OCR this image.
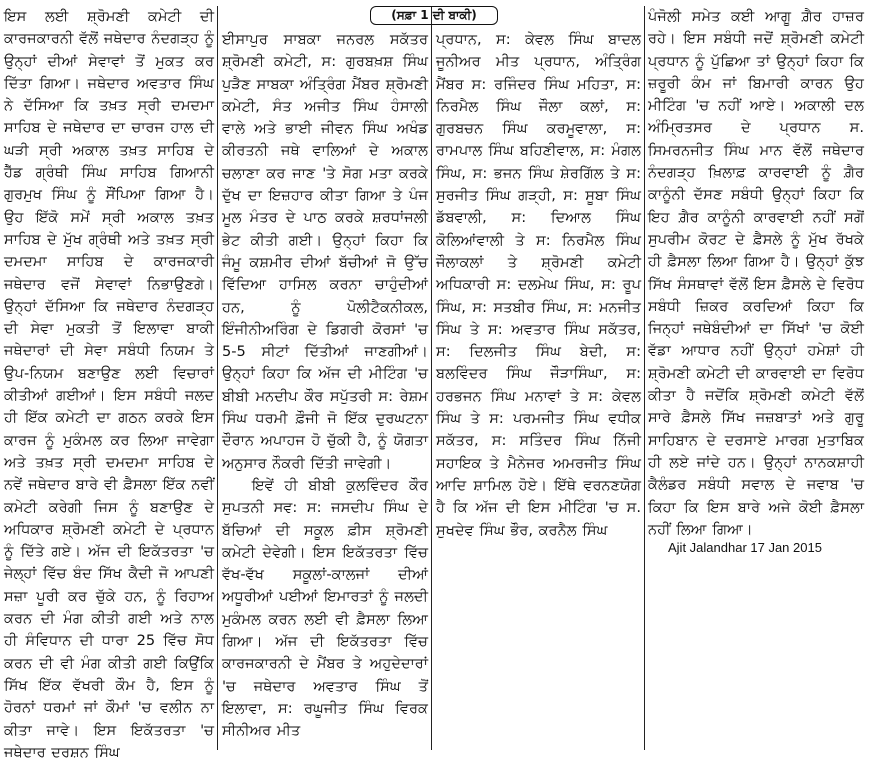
(ਸਫ਼ਾ 1 ਦੀ ਬਾਕੀ)

ਇਸ ਲਈ ਸ਼੍ਰੋਮਣੀ ਕਮੇਟੀ ਦੀ ਕਾਰਜਕਾਰਨੀ ਵੱਲੋਂ ਜਥੇਦਾਰ ਨੰਦਗੜ੍ਹ ਨੂੰ ਉਨ੍ਹਾਂ ਦੀਆਂ ਸੇਵਾਵਾਂ ਤੋਂ ਮੁਕਤ ਕਰ ਦਿੱਤਾ ਗਿਆ। ਜਥੇਦਾਰ ਅਵਤਾਰ ਸਿੰਘ ਨੇ ਦੱਸਿਆ ਕਿ ਤਖ਼ਤ ਸ੍ਰੀ ਦਮਦਮਾ ਸਾਹਿਬ ਦੇ ਜਥੇਦਾਰ ਦਾ ਚਾਰਜ ਹਾਲ ਦੀ ਘੜੀ ਸ੍ਰੀ ਅਕਾਲ ਤਖ਼ਤ ਸਾਹਿਬ ਦੇ ਹੈੱਡ ਗ੍ਰੰਥੀ ਸਿੰਘ ਸਾਹਿਬ ਗਿਆਨੀ ਗੁਰਮੁਖ ਸਿੰਘ ਨੂੰ ਸੌਂਪਿਆ ਗਿਆ ਹੈ। ਉਹ ਇੱਕੋ ਸਮੇਂ ਸ੍ਰੀ ਅਕਾਲ ਤਖ਼ਤ ਸਾਹਿਬ ਦੇ ਮੁੱਖ ਗ੍ਰੰਥੀ ਅਤੇ ਤਖ਼ਤ ਸ੍ਰੀ ਦਮਦਮਾ ਸਾਹਿਬ ਦੇ ਕਾਰਜਕਾਰੀ ਜਥੇਦਾਰ ਵਜੋਂ ਸੇਵਾਵਾਂ ਨਿਭਾਉਣਗੇ। ਉਨ੍ਹਾਂ ਦੱਸਿਆ ਕਿ ਜਥੇਦਾਰ ਨੰਦਗੜ੍ਹ ਦੀ ਸੇਵਾ ਮੁਕਤੀ ਤੋਂ ਇਲਾਵਾ ਬਾਕੀ ਜਥੇਦਾਰਾਂ ਦੀ ਸੇਵਾ ਸਬੰਧੀ ਨਿਯਮ ਤੇ ਉਪ-ਨਿਯਮ ਬਣਾਉਣ ਲਈ ਵਿਚਾਰਾਂ ਕੀਤੀਆਂ ਗਈਆਂ। ਇਸ ਸਬੰਧੀ ਜਲਦ ਹੀ ਇੱਕ ਕਮੇਟੀ ਦਾ ਗਠਨ ਕਰਕੇ ਇਸ ਕਾਰਜ ਨੂੰ ਮੁਕੰਮਲ ਕਰ ਲਿਆ ਜਾਵੇਗਾ ਅਤੇ ਤਖ਼ਤ ਸ੍ਰੀ ਦਮਦਮਾ ਸਾਹਿਬ ਦੇ ਨਵੇਂ ਜਥੇਦਾਰ ਬਾਰੇ ਵੀ ਫ਼ੈਸਲਾ ਇੱਕ ਨਵੀਂ ਕਮੇਟੀ ਕਰੇਗੀ ਜਿਸ ਨੂੰ ਬਣਾਉਣ ਦੇ ਅਧਿਕਾਰ ਸ਼੍ਰੋਮਣੀ ਕਮੇਟੀ ਦੇ ਪ੍ਰਧਾਨ ਨੂੰ ਦਿੱਤੇ ਗਏ। ਅੱਜ ਦੀ ਇਕੱਤਰਤਾ 'ਚ ਜੇਲ੍ਹਾਂ ਵਿੱਚ ਬੰਦ ਸਿੱਖ ਕੈਦੀ ਜੋ ਆਪਣੀ ਸਜ਼ਾ ਪੂਰੀ ਕਰ ਚੁੱਕੇ ਹਨ, ਨੂੰ ਰਿਹਾਅ ਕਰਨ ਦੀ ਮੰਗ ਕੀਤੀ ਗਈ ਅਤੇ ਨਾਲ ਹੀ ਸੰਵਿਧਾਨ ਦੀ ਧਾਰਾ 25 ਵਿੱਚ ਸੋਧ ਕਰਨ ਦੀ ਵੀ ਮੰਗ ਕੀਤੀ ਗਈ ਕਿਉਂਕਿ ਸਿੱਖ ਇੱਕ ਵੱਖਰੀ ਕੌਮ ਹੈ, ਇਸ ਨੂੰ ਹੋਰਨਾਂ ਧਰਮਾਂ ਜਾਂ ਕੌਮਾਂ 'ਚ ਵਲੀਨ ਨਾ ਕੀਤਾ ਜਾਵੇ। ਇਸ ਇਕੱਤਰਤਾ 'ਚ ਜਥੇਦਾਰ ਦਰਸ਼ਨ ਸਿੰਘ

ਈਸਾਪੁਰ ਸਾਬਕਾ ਜਨਰਲ ਸਕੱਤਰ ਸ਼੍ਰੋਮਣੀ ਕਮੇਟੀ, ਸ: ਗੁਰਬਖ਼ਸ਼ ਸਿੰਘ ਪੁੜੈਣ ਸਾਬਕਾ ਅੰਤ੍ਰਿੰਗ ਮੈਂਬਰ ਸ਼੍ਰੋਮਣੀ ਕਮੇਟੀ, ਸੰਤ ਅਜੀਤ ਸਿੰਘ ਹੰਸਾਲੀ ਵਾਲੇ ਅਤੇ ਭਾਈ ਜੀਵਨ ਸਿੰਘ ਅਖੰਡ ਕੀਰਤਨੀ ਜਥੇ ਵਾਲਿਆਂ ਦੇ ਅਕਾਲ ਚਲਾਣਾ ਕਰ ਜਾਣ 'ਤੇ ਸੋਗ ਮਤਾ ਕਰਕੇ ਦੁੱਖ ਦਾ ਇਜ਼ਹਾਰ ਕੀਤਾ ਗਿਆ ਤੇ ਪੰਜ ਮੂਲ ਮੰਤਰ ਦੇ ਪਾਠ ਕਰਕੇ ਸ਼ਰਧਾਂਜਲੀ ਭੇਟ ਕੀਤੀ ਗਈ। ਉਨ੍ਹਾਂ ਕਿਹਾ ਕਿ ਜੰਮੂ ਕਸ਼ਮੀਰ ਦੀਆਂ ਬੱਚੀਆਂ ਜੋ ਉੱਚ ਵਿੱਦਿਆ ਹਾਸਿਲ ਕਰਨਾ ਚਾਹੁੰਦੀਆਂ ਹਨ, ਨੂੰ ਪੋਲੀਟੈਕਨੀਕਲ, ਇੰਜੀਨੀਅਰਿੰਗ ਦੇ ਡਿਗਰੀ ਕੋਰਸਾਂ 'ਚ 5-5 ਸੀਟਾਂ ਦਿੱਤੀਆਂ ਜਾਣਗੀਆਂ। ਉਨ੍ਹਾਂ ਕਿਹਾ ਕਿ ਅੱਜ ਦੀ ਮੀਟਿੰਗ 'ਚ ਬੀਬੀ ਮਨਦੀਪ ਕੌਰ ਸਪੁੱਤਰੀ ਸ: ਰੇਸ਼ਮ ਸਿੰਘ ਧਰਮੀ ਫ਼ੌਜੀ ਜੋ ਇੱਕ ਦੁਰਘਟਨਾ ਦੌਰਾਨ ਅਪਾਹਜ ਹੋ ਚੁੱਕੀ ਹੈ, ਨੂੰ ਯੋਗਤਾ ਅਨੁਸਾਰ ਨੌਕਰੀ ਦਿੱਤੀ ਜਾਵੇਗੀ।

ਇਵੇਂ ਹੀ ਬੀਬੀ ਕੁਲਵਿੰਦਰ ਕੌਰ ਸੁਪਤਨੀ ਸਵ: ਸ: ਜਸਦੀਪ ਸਿੰਘ ਦੇ ਬੱਚਿਆਂ ਦੀ ਸਕੂਲ ਫ਼ੀਸ ਸ਼੍ਰੋਮਣੀ ਕਮੇਟੀ ਦੇਵੇਗੀ। ਇਸ ਇਕੱਤਰਤਾ ਵਿੱਚ ਵੱਖ-ਵੱਖ ਸਕੂਲਾਂ-ਕਾਲਜਾਂ ਦੀਆਂ ਅਧੂਰੀਆਂ ਪਈਆਂ ਇਮਾਰਤਾਂ ਨੂੰ ਜਲਦੀ ਮੁਕੰਮਲ ਕਰਨ ਲਈ ਵੀ ਫ਼ੈਸਲਾ ਲਿਆ ਗਿਆ। ਅੱਜ ਦੀ ਇਕੱਤਰਤਾ ਵਿੱਚ ਕਾਰਜਕਾਰਨੀ ਦੇ ਮੈਂਬਰ ਤੇ ਅਹੁਦੇਦਾਰਾਂ 'ਚ ਜਥੇਦਾਰ ਅਵਤਾਰ ਸਿੰਘ ਤੋਂ ਇਲਾਵਾ, ਸ: ਰਘੂਜੀਤ ਸਿੰਘ ਵਿਰਕ ਸੀਨੀਅਰ ਮੀਤ

ਪ੍ਰਧਾਨ, ਸ: ਕੇਵਲ ਸਿੰਘ ਬਾਦਲ ਜੂਨੀਅਰ ਮੀਤ ਪ੍ਰਧਾਨ, ਅੰਤ੍ਰਿੰਗ ਮੈਂਬਰ ਸ: ਰਜਿੰਦਰ ਸਿੰਘ ਮਹਿਤਾ, ਸ: ਨਿਰਮੈਲ ਸਿੰਘ ਜੌਲਾ ਕਲਾਂ, ਸ: ਗੁਰਬਚਨ ਸਿੰਘ ਕਰਮੂਵਾਲਾ, ਸ: ਰਾਮਪਾਲ ਸਿੰਘ ਬਹਿਣੀਵਾਲ, ਸ: ਮੰਗਲ ਸਿੰਘ, ਸ: ਭਜਨ ਸਿੰਘ ਸ਼ੇਰਗਿੱਲ ਤੇ ਸ: ਸੁਰਜੀਤ ਸਿੰਘ ਗੜ੍ਹੀ, ਸ: ਸੂਬਾ ਸਿੰਘ ਡੱਬਵਾਲੀ, ਸ: ਦਿਆਲ ਸਿੰਘ ਕੋਲਿਆਂਵਾਲੀ ਤੇ ਸ: ਨਿਰਮੈਲ ਸਿੰਘ ਜੌਲਾਕਲਾਂ ਤੇ ਸ਼੍ਰੋਮਣੀ ਕਮੇਟੀ ਅਧਿਕਾਰੀ ਸ: ਦਲਮੇਘ ਸਿੰਘ, ਸ: ਰੂਪ ਸਿੰਘ, ਸ: ਸਤਬੀਰ ਸਿੰਘ, ਸ: ਮਨਜੀਤ ਸਿੰਘ ਤੇ ਸ: ਅਵਤਾਰ ਸਿੰਘ ਸਕੱਤਰ, ਸ: ਦਿਲਜੀਤ ਸਿੰਘ ਬੇਦੀ, ਸ: ਬਲਵਿੰਦਰ ਸਿੰਘ ਜੌੜਾਸਿੰਘਾ, ਸ: ਹਰਭਜਨ ਸਿੰਘ ਮਨਾਵਾਂ ਤੇ ਸ: ਕੇਵਲ ਸਿੰਘ ਤੇ ਸ: ਪਰਮਜੀਤ ਸਿੰਘ ਵਧੀਕ ਸਕੱਤਰ, ਸ: ਸਤਿੰਦਰ ਸਿੰਘ ਨਿੱਜੀ ਸਹਾਇਕ ਤੇ ਮੈਨੇਜਰ ਅਮਰਜੀਤ ਸਿੰਘ ਆਦਿ ਸ਼ਾਮਿਲ ਹੋਏ। ਇੱਥੇ ਵਰਨਣਯੋਗ ਹੈ ਕਿ ਅੱਜ ਦੀ ਇਸ ਮੀਟਿੰਗ 'ਚ ਸ. ਸੁਖਦੇਵ ਸਿੰਘ ਭੌਰ, ਕਰਨੈਲ ਸਿੰਘ

ਪੰਜੋਲੀ ਸਮੇਤ ਕਈ ਆਗੂ ਗ਼ੈਰ ਹਾਜ਼ਰ ਰਹੇ। ਇਸ ਸਬੰਧੀ ਜਦੋਂ ਸ਼੍ਰੋਮਣੀ ਕਮੇਟੀ ਪ੍ਰਧਾਨ ਨੂੰ ਪੁੱਛਿਆ ਤਾਂ ਉਨ੍ਹਾਂ ਕਿਹਾ ਕਿ ਜ਼ਰੂਰੀ ਕੰਮ ਜਾਂ ਬਿਮਾਰੀ ਕਾਰਨ ਉਹ ਮੀਟਿੰਗ 'ਚ ਨਹੀਂ ਆਏ। ਅਕਾਲੀ ਦਲ ਅੰਮ੍ਰਿਤਸਰ ਦੇ ਪ੍ਰਧਾਨ ਸ. ਸਿਮਰਨਜੀਤ ਸਿੰਘ ਮਾਨ ਵੱਲੋਂ ਜਥੇਦਾਰ ਨੰਦਗੜ੍ਹ ਖ਼ਿਲਾਫ਼ ਕਾਰਵਾਈ ਨੂੰ ਗ਼ੈਰ ਕਾਨੂੰਨੀ ਦੱਸਣ ਸਬੰਧੀ ਉਨ੍ਹਾਂ ਕਿਹਾ ਕਿ ਇਹ ਗ਼ੈਰ ਕਾਨੂੰਨੀ ਕਾਰਵਾਈ ਨਹੀਂ ਸਗੋਂ ਸੁਪਰੀਮ ਕੋਰਟ ਦੇ ਫ਼ੈਸਲੇ ਨੂੰ ਮੁੱਖ ਰੱਖਕੇ ਹੀ ਫ਼ੈਸਲਾ ਲਿਆ ਗਿਆ ਹੈ। ਉਨ੍ਹਾਂ ਕੁੱਝ ਸਿੱਖ ਸੰਸਥਾਵਾਂ ਵੱਲੋਂ ਇਸ ਫ਼ੈਸਲੇ ਦੇ ਵਿਰੋਧ ਸਬੰਧੀ ਜ਼ਿਕਰ ਕਰਦਿਆਂ ਕਿਹਾ ਕਿ ਜਿਨ੍ਹਾਂ ਜਥੇਬੰਦੀਆਂ ਦਾ ਸਿੱਖਾਂ 'ਚ ਕੋਈ ਵੱਡਾ ਆਧਾਰ ਨਹੀਂ ਉਨ੍ਹਾਂ ਹਮੇਸ਼ਾਂ ਹੀ ਸ਼੍ਰੋਮਣੀ ਕਮੇਟੀ ਦੀ ਕਾਰਵਾਈ ਦਾ ਵਿਰੋਧ ਕੀਤਾ ਹੈ ਜਦੋਂਕਿ ਸ਼੍ਰੋਮਣੀ ਕਮੇਟੀ ਵੱਲੋਂ ਸਾਰੇ ਫ਼ੈਸਲੇ ਸਿੱਖ ਜਜ਼ਬਾਤਾਂ ਅਤੇ ਗੁਰੂ ਸਾਹਿਬਾਨ ਦੇ ਦਰਸਾਏ ਮਾਰਗ ਮੁਤਾਬਿਕ ਹੀ ਲਏ ਜਾਂਦੇ ਹਨ। ਉਨ੍ਹਾਂ ਨਾਨਕਸ਼ਾਹੀ ਕੈਲੰਡਰ ਸਬੰਧੀ ਸਵਾਲ ਦੇ ਜਵਾਬ 'ਚ ਕਿਹਾ ਕਿ ਇਸ ਬਾਰੇ ਅਜੇ ਕੋਈ ਫ਼ੈਸਲਾ ਨਹੀਂ ਲਿਆ ਗਿਆ।

Ajit Jalandhar 17 Jan 2015
